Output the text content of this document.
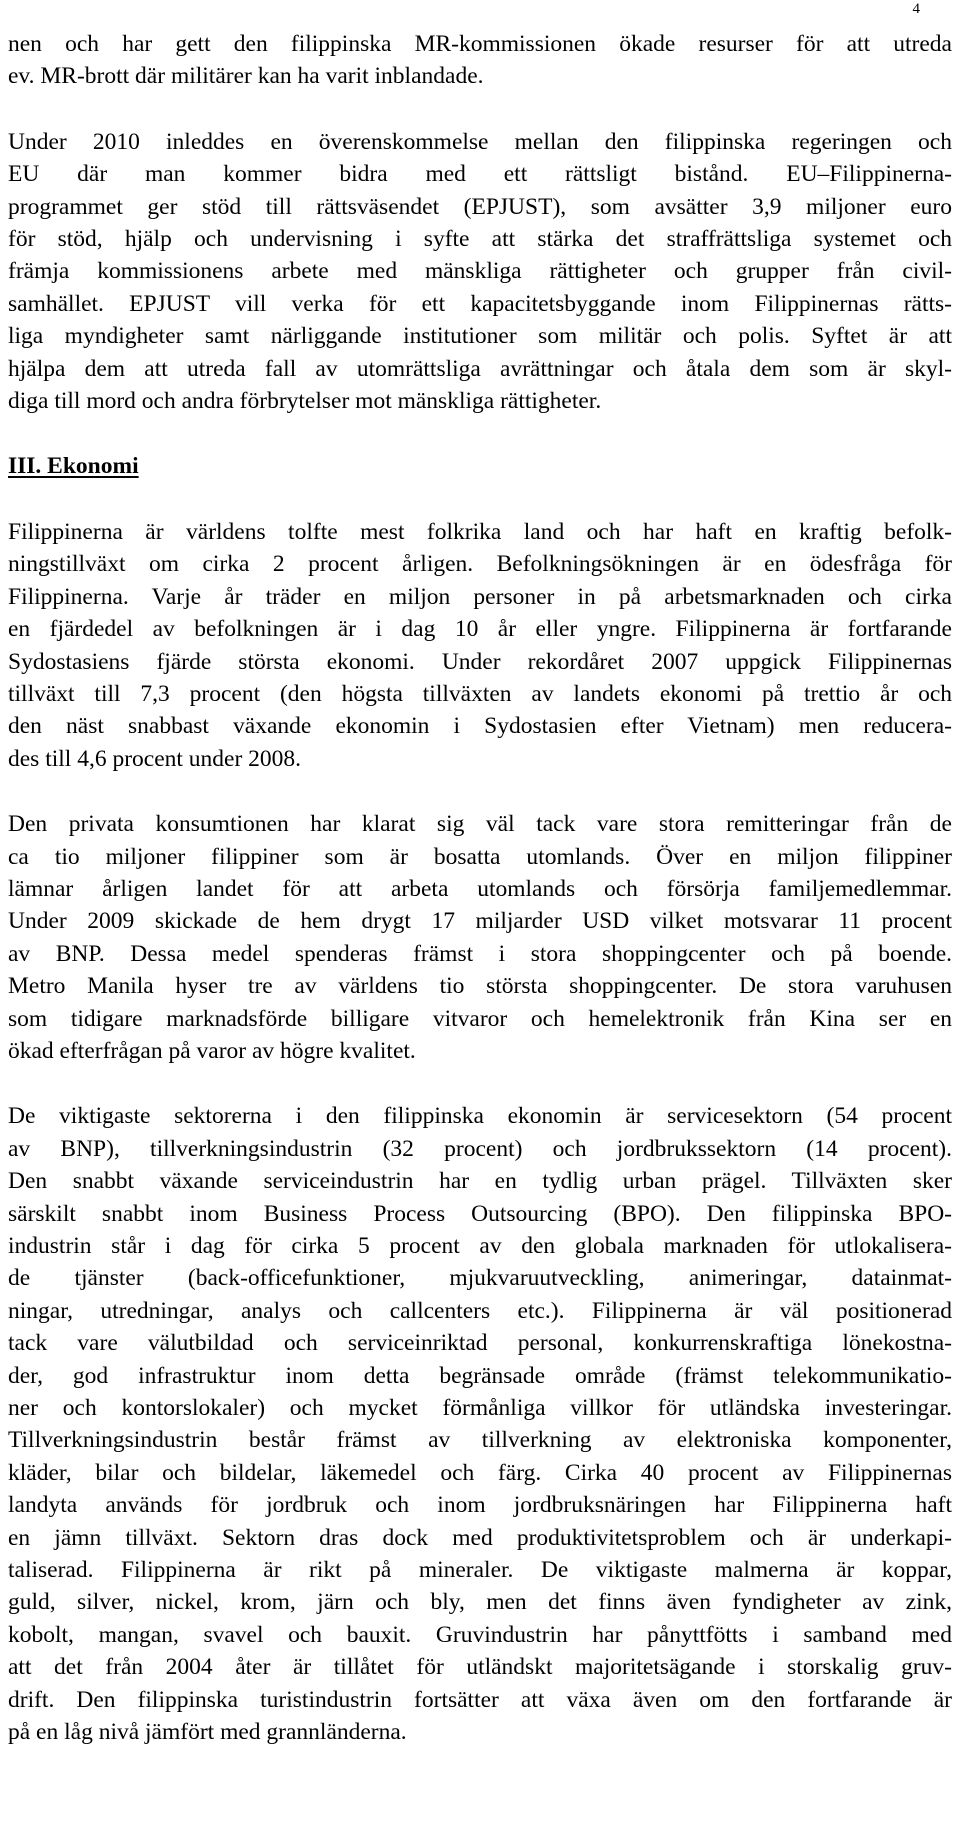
4
nen och har gett den filippinska MR-kommissionen ökade resurser för att utreda
ev. MR-brott där militärer kan ha varit inblandade.
Under 2010 inleddes en överenskommelse mellan den filippinska regeringen och
EU där man kommer bidra med ett rättsligt bistånd. EU–Filippinerna-
programmet ger stöd till rättsväsendet (EPJUST), som avsätter 3,9 miljoner euro
för stöd, hjälp och undervisning i syfte att stärka det straffrättsliga systemet och
främja kommissionens arbete med mänskliga rättigheter och grupper från civil-
samhället. EPJUST vill verka för ett kapacitetsbyggande inom Filippinernas rätts-
liga myndigheter samt närliggande institutioner som militär och polis. Syftet är att
hjälpa dem att utreda fall av utomrättsliga avrättningar och åtala dem som är skyl-
diga till mord och andra förbrytelser mot mänskliga rättigheter.
III. Ekonomi
Filippinerna är världens tolfte mest folkrika land och har haft en kraftig befolk-
ningstillväxt om cirka 2 procent årligen. Befolkningsökningen är en ödesfråga för
Filippinerna. Varje år träder en miljon personer in på arbetsmarknaden och cirka
en fjärdedel av befolkningen är i dag 10 år eller yngre. Filippinerna är fortfarande
Sydostasiens fjärde största ekonomi. Under rekordåret 2007 uppgick Filippinernas
tillväxt till 7,3 procent (den högsta tillväxten av landets ekonomi på trettio år och
den näst snabbast växande ekonomin i Sydostasien efter Vietnam) men reducera-
des till 4,6 procent under 2008.
Den privata konsumtionen har klarat sig väl tack vare stora remitteringar från de
ca tio miljoner filippiner som är bosatta utomlands. Över en miljon filippiner
lämnar årligen landet för att arbeta utomlands och försörja familjemedlemmar.
Under 2009 skickade de hem drygt 17 miljarder USD vilket motsvarar 11 procent
av BNP. Dessa medel spenderas främst i stora shoppingcenter och på boende.
Metro Manila hyser tre av världens tio största shoppingcenter. De stora varuhusen
som tidigare marknadsförde billigare vitvaror och hemelektronik från Kina ser en
ökad efterfrågan på varor av högre kvalitet.
De viktigaste sektorerna i den filippinska ekonomin är servicesektorn (54 procent
av BNP), tillverkningsindustrin (32 procent) och jordbrukssektorn (14 procent).
Den snabbt växande serviceindustrin har en tydlig urban prägel. Tillväxten sker
särskilt snabbt inom Business Process Outsourcing (BPO). Den filippinska BPO-
industrin står i dag för cirka 5 procent av den globala marknaden för utlokalisera-
de tjänster (back-officefunktioner, mjukvaruutveckling, animeringar, datainmat-
ningar, utredningar, analys och callcenters etc.). Filippinerna är väl positionerad
tack vare välutbildad och serviceinriktad personal, konkurrenskraftiga lönekostna-
der, god infrastruktur inom detta begränsade område (främst telekommunikatio-
ner och kontorslokaler) och mycket förmånliga villkor för utländska investeringar.
Tillverkningsindustrin består främst av tillverkning av elektroniska komponenter,
kläder, bilar och bildelar, läkemedel och färg. Cirka 40 procent av Filippinernas
landyta används för jordbruk och inom jordbruksnäringen har Filippinerna haft
en jämn tillväxt. Sektorn dras dock med produktivitetsproblem och är underkapi-
taliserad. Filippinerna är rikt på mineraler. De viktigaste malmerna är koppar,
guld, silver, nickel, krom, järn och bly, men det finns även fyndigheter av zink,
kobolt, mangan, svavel och bauxit. Gruvindustrin har pånyttfötts i samband med
att det från 2004 åter är tillåtet för utländskt majoritetsägande i storskalig gruv-
drift. Den filippinska turistindustrin fortsätter att växa även om den fortfarande är
på en låg nivå jämfört med grannländerna.
